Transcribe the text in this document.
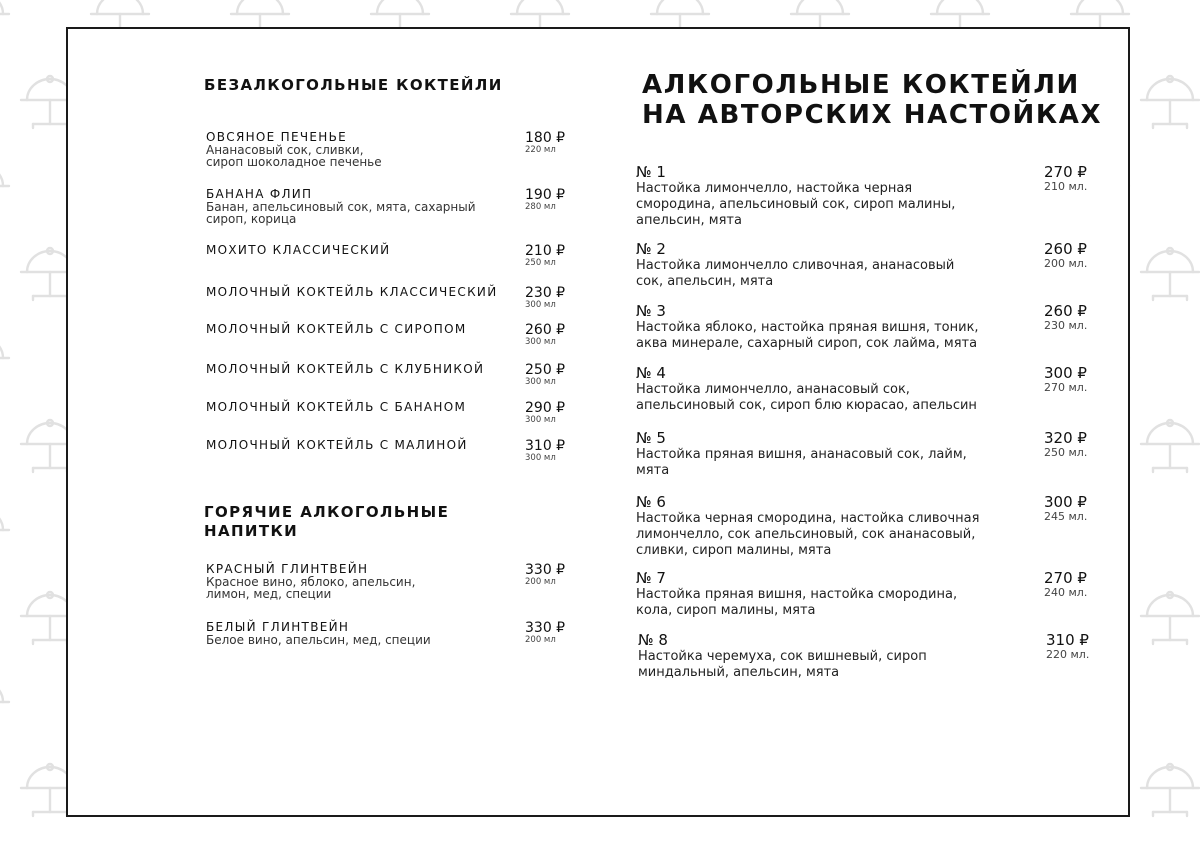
БЕЗАЛКОГОЛЬНЫЕ КОКТЕЙЛИ
ОВСЯНОЕ ПЕЧЕНЬЕ
Ананасовый сок, сливки,
сироп шоколадное печенье
180 ₽
220 мл
БАНАНА ФЛИП
Банан, апельсиновый сок, мята, сахарный
сироп, корица
190 ₽
280 мл
МОХИТО КЛАССИЧЕСКИЙ	210 ₽
250 мл
МОЛОЧНЫЙ КОКТЕЙЛЬ КЛАССИЧЕСКИЙ	230 ₽
300 мл
МОЛОЧНЫЙ КОКТЕЙЛЬ С СИРОПОМ	260 ₽
300 мл
МОЛОЧНЫЙ КОКТЕЙЛЬ С КЛУБНИКОЙ	250 ₽
300 мл
МОЛОЧНЫЙ КОКТЕЙЛЬ С БАНАНОМ	290 ₽
300 мл
МОЛОЧНЫЙ КОКТЕЙЛЬ С МАЛИНОЙ	310 ₽
300 мл
ГОРЯЧИЕ АЛКОГОЛЬНЫЕ
НАПИТКИ
КРАСНЫЙ ГЛИНТВЕЙН
Красное вино, яблоко, апельсин,
лимон, мед, специи
330 ₽
200 мл
БЕЛЫЙ ГЛИНТВЕЙН
Белое вино, апельсин, мед, специи
330 ₽
200 мл
АЛКОГОЛЬНЫЕ КОКТЕЙЛИ
НА АВТОРСКИХ НАСТОЙКАХ
№ 1
Настойка лимончелло, настойка черная
смородина, апельсиновый сок, сироп малины,
апельсин, мята
270 ₽
210 мл.
№ 2
Настойка лимончелло сливочная, ананасовый
сок, апельсин, мята
260 ₽
200 мл.
№ 3
Настойка яблоко, настойка пряная вишня, тоник,
аква минерале, сахарный сироп, сок лайма, мята
260 ₽
230 мл.
№ 4
Настойка лимончелло, ананасовый сок,
апельсиновый сок, сироп блю кюрасао, апельсин
300 ₽
270 мл.
№ 5
Настойка пряная вишня, ананасовый сок, лайм,
мята
320 ₽
250 мл.
№ 6
Настойка черная смородина, настойка сливочная
лимончелло, сок апельсиновый, сок ананасовый,
сливки, сироп малины, мята
300 ₽
245 мл.
№ 7
Настойка пряная вишня, настойка смородина,
кола, сироп малины, мята
270 ₽
240 мл.
№ 8
Настойка черемуха, сок вишневый, сироп
миндальный, апельсин, мята
310 ₽
220 мл.
